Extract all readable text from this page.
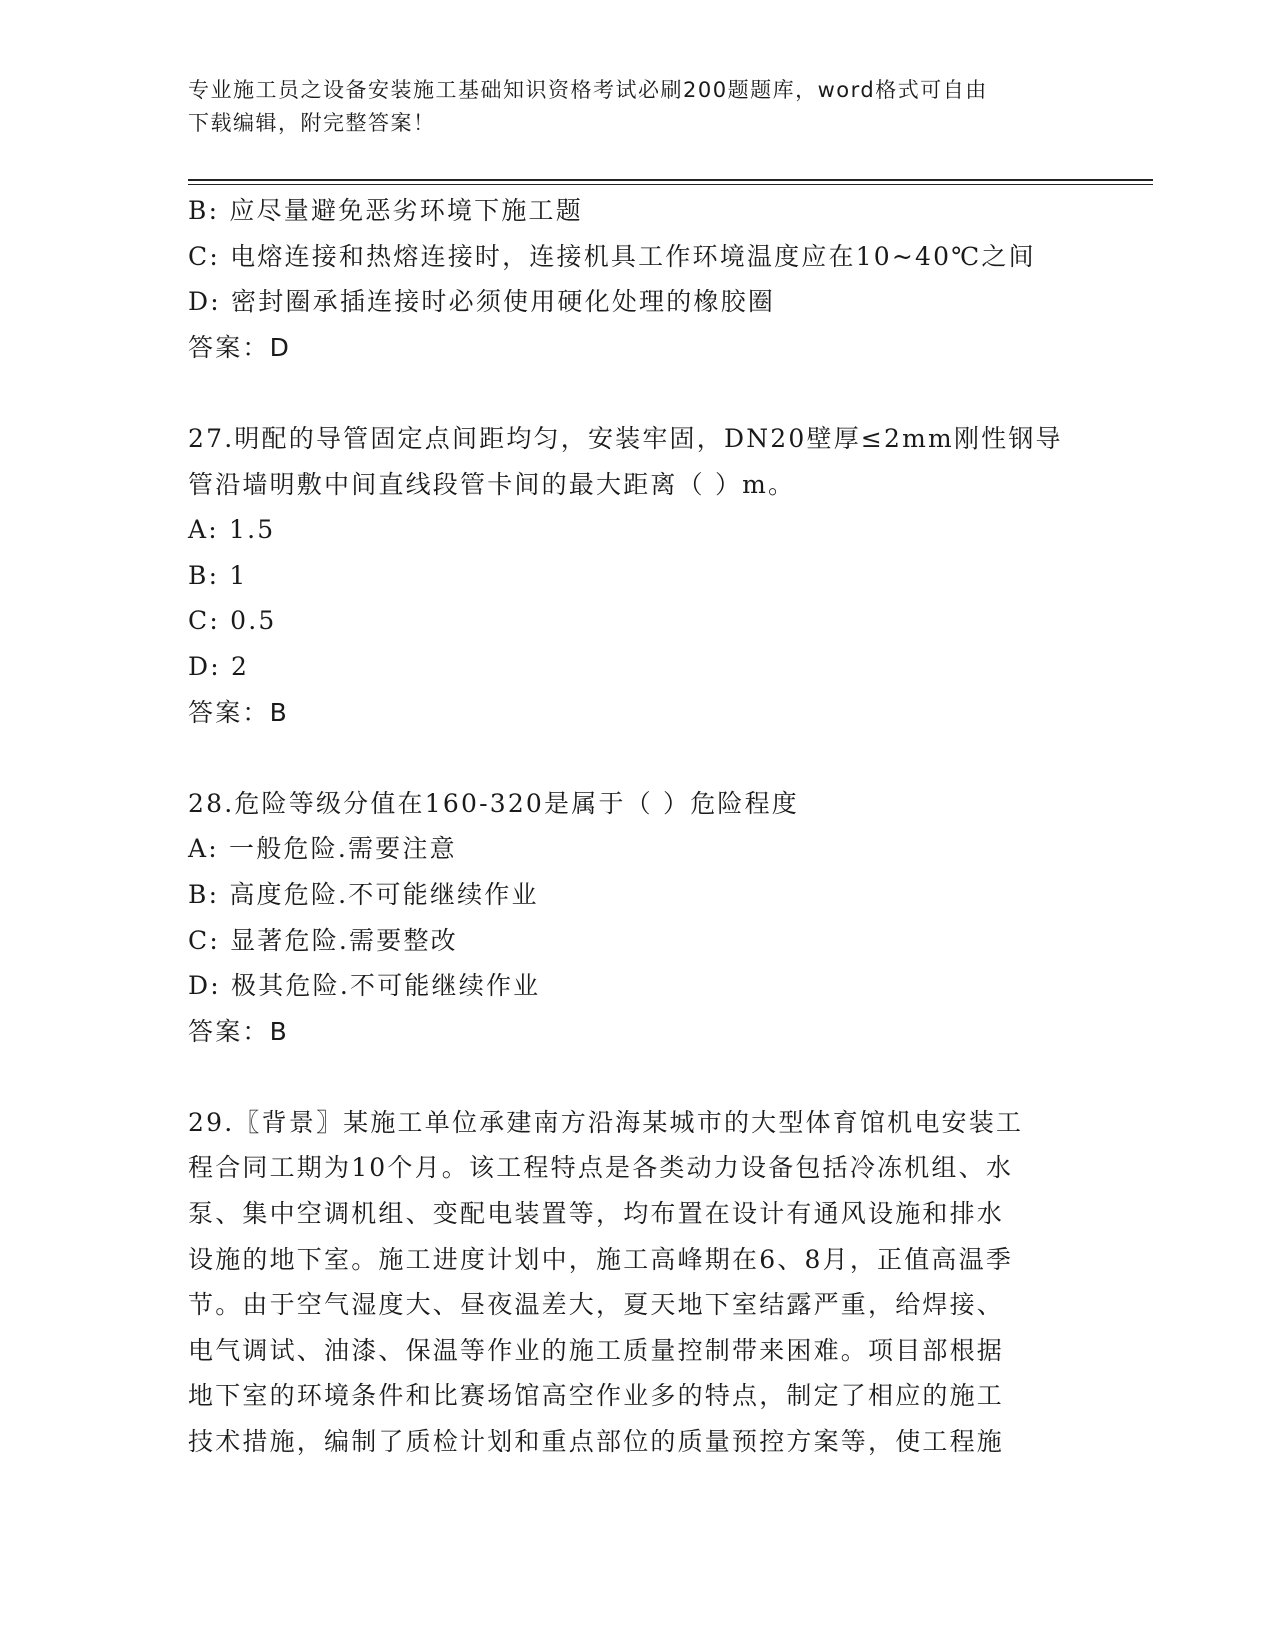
专业施工员之设备安装施工基础知识资格考试必刷200题题库，word格式可自由
下载编辑，附完整答案！
B: 应尽量避免恶劣环境下施工题
C: 电熔连接和热熔连接时，连接机具工作环境温度应在10~40℃之间
D: 密封圈承插连接时必须使用硬化处理的橡胶圈
答案：D
27.明配的导管固定点间距均匀，安装牢固，DN20壁厚≤2mm刚性钢导
管沿墙明敷中间直线段管卡间的最大距离（ ）m。
A: 1.5
B: 1
C: 0.5
D: 2
答案：B
28.危险等级分值在160-320是属于（ ）危险程度
A: 一般危险.需要注意
B: 高度危险.不可能继续作业
C: 显著危险.需要整改
D: 极其危险.不可能继续作业
答案：B
29.〖背景〗某施工单位承建南方沿海某城市的大型体育馆机电安装工
程合同工期为10个月。该工程特点是各类动力设备包括冷冻机组、水
泵、集中空调机组、变配电装置等，均布置在设计有通风设施和排水
设施的地下室。施工进度计划中，施工高峰期在6、8月，正值高温季
节。由于空气湿度大、昼夜温差大，夏天地下室结露严重，给焊接、
电气调试、油漆、保温等作业的施工质量控制带来困难。项目部根据
地下室的环境条件和比赛场馆高空作业多的特点，制定了相应的施工
技术措施，编制了质检计划和重点部位的质量预控方案等，使工程施
